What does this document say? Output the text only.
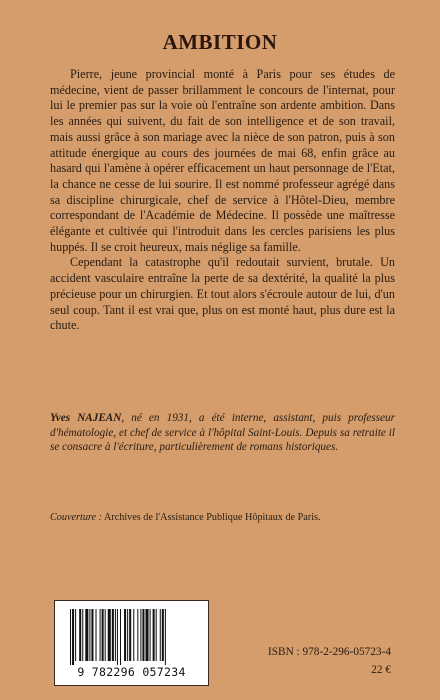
AMBITION

Pierre, jeune provincial monté à Paris pour ses études de médecine, vient de passer brillamment le concours de l'internat, pour lui le premier pas sur la voie où l'entraîne son ardente ambition. Dans les années qui suivent, du fait de son intelligence et de son travail, mais aussi grâce à son mariage avec la nièce de son patron, puis à son attitude énergique au cours des journées de mai 68, enfin grâce au hasard qui l'amène à opérer efficacement un haut personnage de l'Etat, la chance ne cesse de lui sourire. Il est nommé professeur agrégé dans sa discipline chirurgicale, chef de service à l'Hôtel-Dieu, membre correspondant de l'Académie de Médecine. Il possède une maîtresse élégante et cultivée qui l'introduit dans les cercles parisiens les plus huppés. Il se croit heureux, mais néglige sa famille.

Cependant la catastrophe qu'il redoutait survient, brutale. Un accident vasculaire entraîne la perte de sa dextérité, la qualité la plus précieuse pour un chirurgien. Et tout alors s'écroule autour de lui, d'un seul coup. Tant il est vrai que, plus on est monté haut, plus dure est la chute.

Yves NAJEAN, né en 1931, a été interne, assistant, puis professeur d'hématologie, et chef de service à l'hôpital Saint-Louis. Depuis sa retraite il se consacre à l'écriture, particulièrement de romans historiques.
Couverture : Archives de l'Assistance Publique Hôpitaux de Paris.
9 782296 057234
ISBN : 978-2-296-05723-4
22 €
